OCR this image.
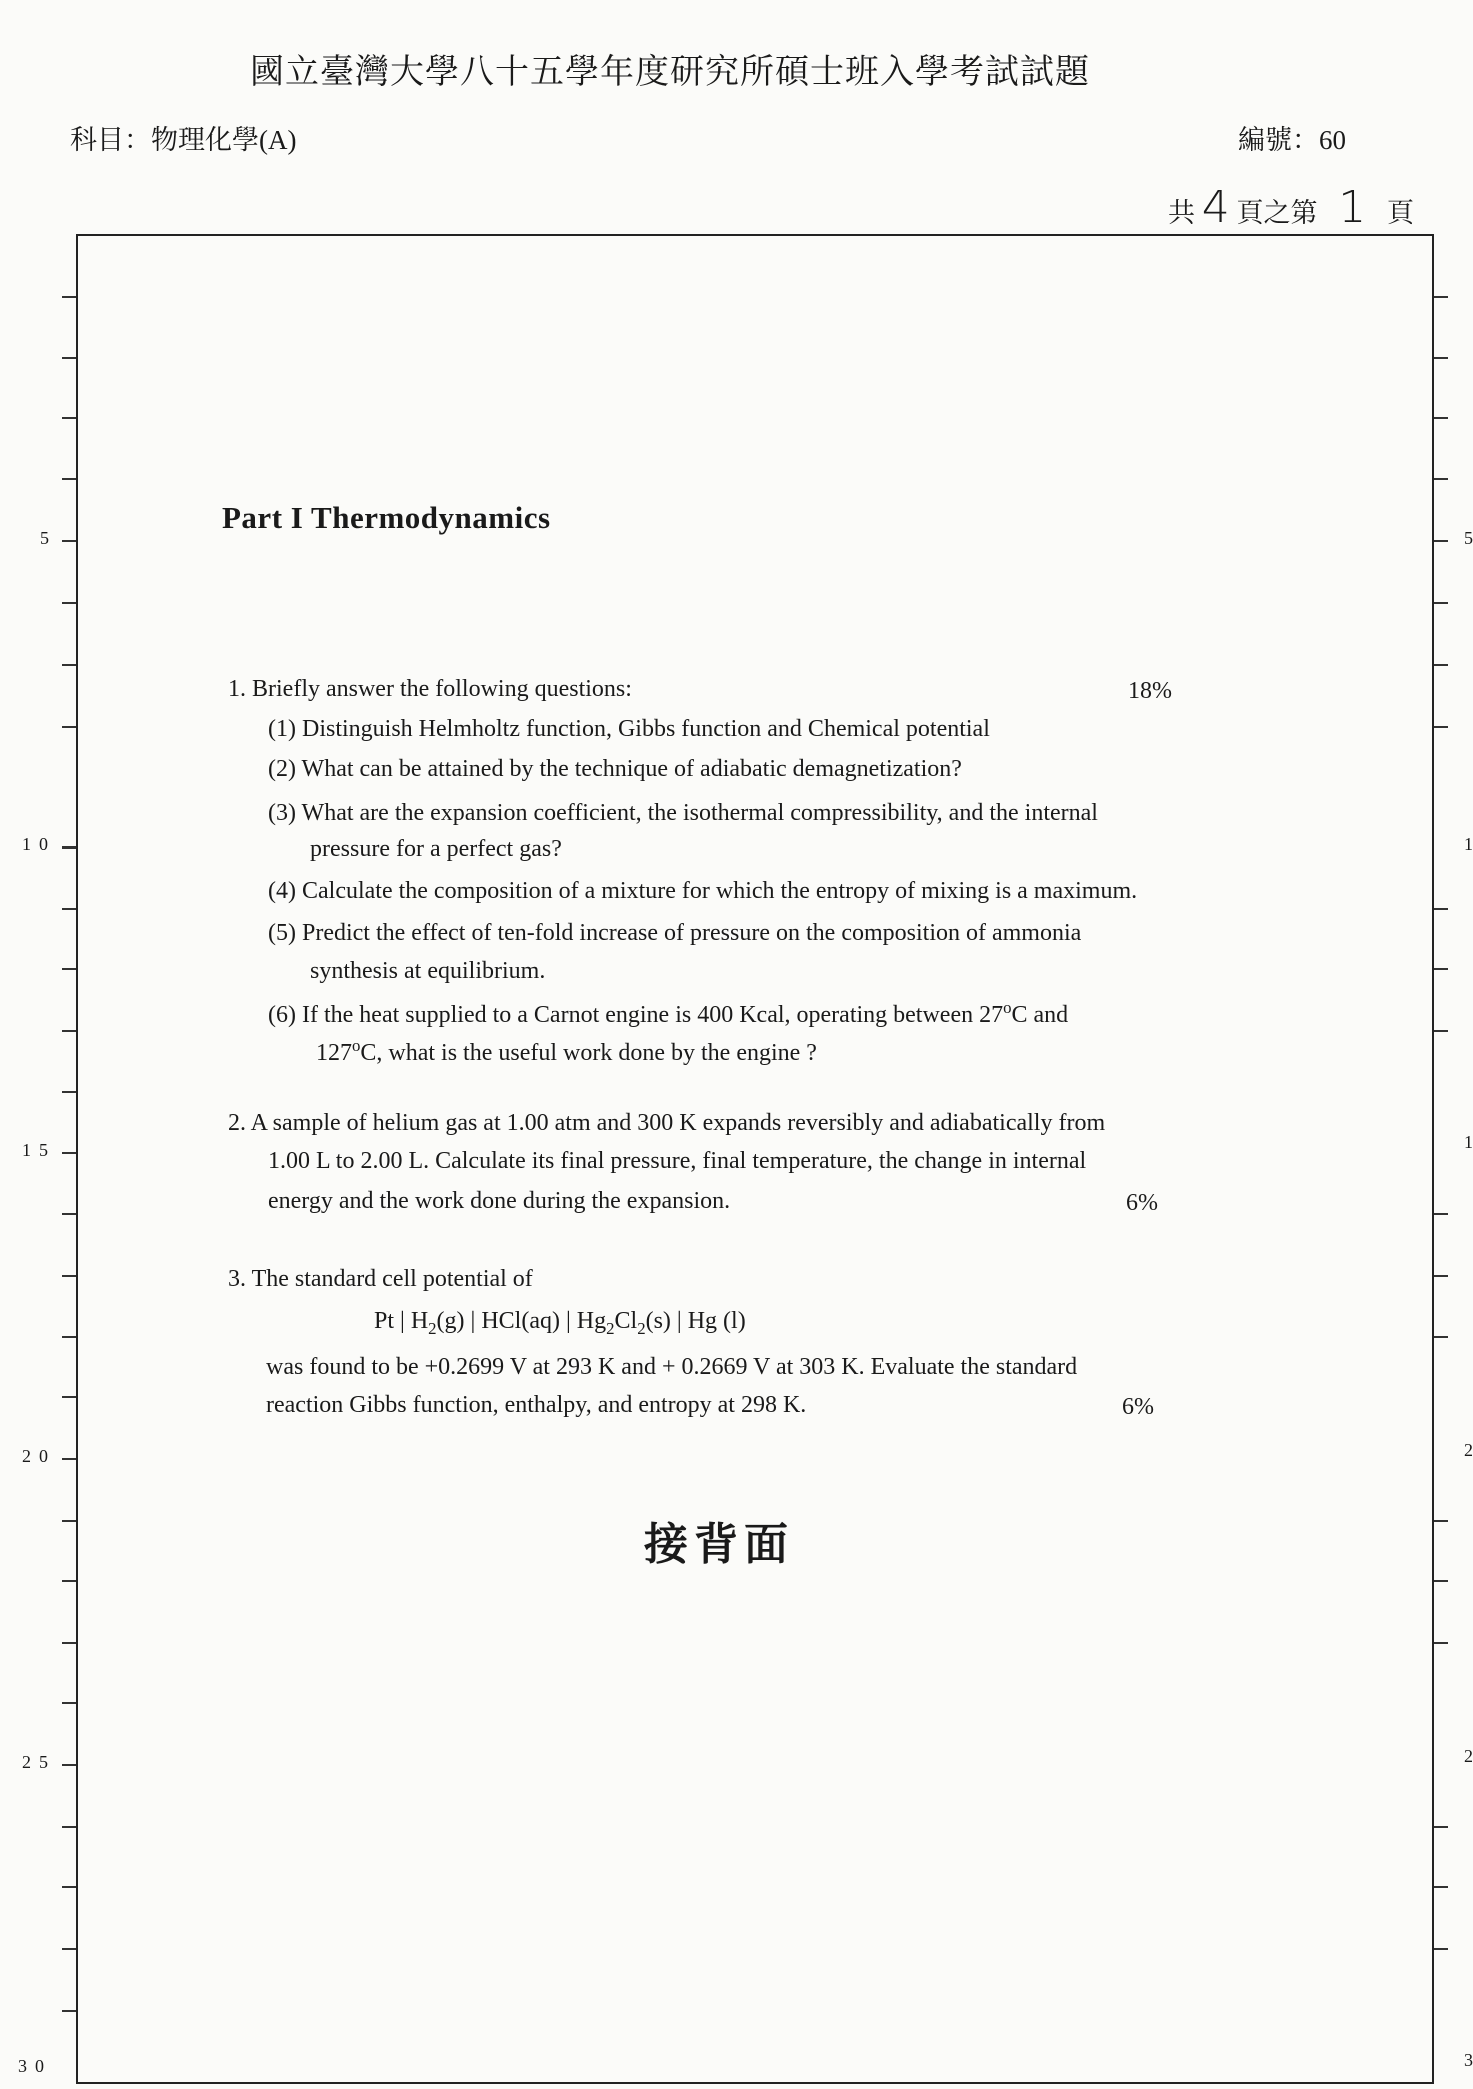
國立臺灣大學八十五學年度研究所碩士班入學考試試題
科目：物理化學(A)	編號：60
共 4 頁之第 1 頁
5
10
15
20
25
30
5
1
1
2
2
3
Part I Thermodynamics
1. Briefly answer the following questions:	18%
(1) Distinguish Helmholtz function, Gibbs function and Chemical potential
(2) What can be attained by the technique of adiabatic demagnetization?
(3) What are the expansion coefficient, the isothermal compressibility, and the internal
pressure for a perfect gas?
(4) Calculate the composition of a mixture for which the entropy of mixing is a maximum.
(5) Predict the effect of ten-fold increase of pressure on the composition of ammonia
synthesis at equilibrium.
(6) If the heat supplied to a Carnot engine is 400 Kcal, operating between 27$^o$C and
127$^o$C, what is the useful work done by the engine ?
2. A sample of helium gas at 1.00 atm and 300 K expands reversibly and adiabatically from
1.00 L to 2.00 L. Calculate its final pressure, final temperature, the change in internal
energy and the work done during the expansion.	6%
3. The standard cell potential of
Pt | $H_2(g)$ | HCl(aq) | $Hg_2Cl_2(s)$ | Hg (l)
was found to be +0.2699 V at 293 K and + 0.2669 V at 303 K. Evaluate the standard
reaction Gibbs function, enthalpy, and entropy at 298 K.	6%
接背面
